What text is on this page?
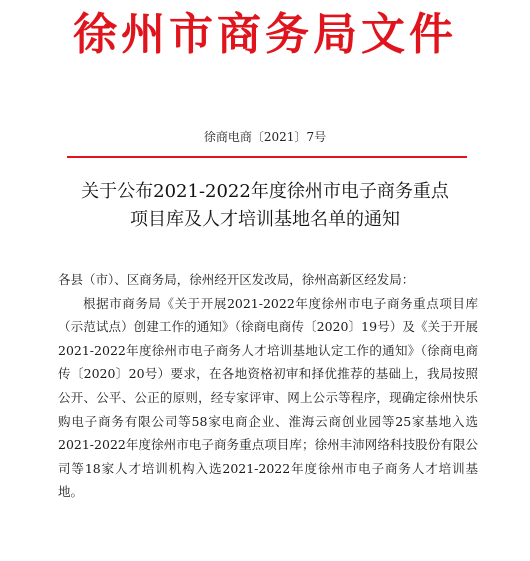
徐州市商务局文件
徐商电商〔2021〕7号
关于公布2021-2022年度徐州市电子商务重点
项目库及人才培训基地名单的通知

各县（市）、区商务局，徐州经开区发改局，徐州高新区经发局：

根据市商务局《关于开展2021-2022年度徐州市电子商务重点项目库（示范试点）创建工作的通知》（徐商电商传〔2020〕19号）及《关于开展2021-2022年度徐州市电子商务人才培训基地认定工作的通知》（徐商电商传〔2020〕20号）要求，在各地资格初审和择优推荐的基础上，我局按照公开、公平、公正的原则，经专家评审、网上公示等程序，现确定徐州快乐购电子商务有限公司等58家电商企业、淮海云商创业园等25家基地入选2021-2022年度徐州市电子商务重点项目库；徐州丰沛网络科技股份有限公司等18家人才培训机构入选2021-2022年度徐州市电子商务人才培训基地。
